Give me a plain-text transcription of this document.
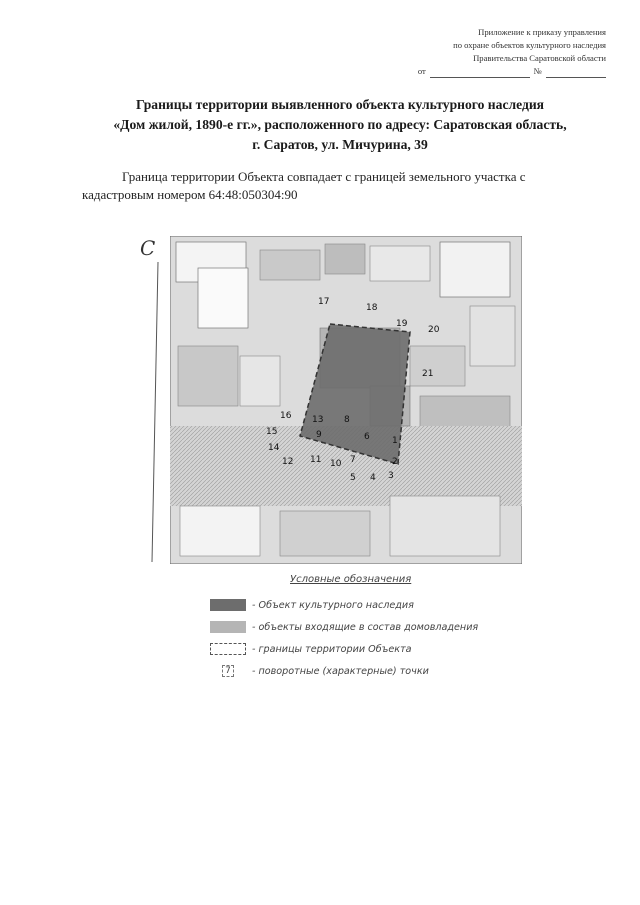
Приложение к приказу управления
по охране объектов культурного наследия
Правительства Саратовской области
от	№
Границы территории выявленного объекта культурного наследия
«Дом жилой, 1890-е гг.», расположенного по адресу: Саратовская область,
г. Саратов, ул. Мичурина, 39
Граница территории Объекта совпадает с границей земельного участка с
кадастровым номером 64:48:050304:90
С
1
2
3
4
5
6
7
8
9
10
11
12
13
14
15
16
17
18
19
20
21
Условные обозначения
- Объект культурного наследия
- объекты входящие в состав домовладения
- границы территории Объекта
7	- поворотные (характерные) точки
